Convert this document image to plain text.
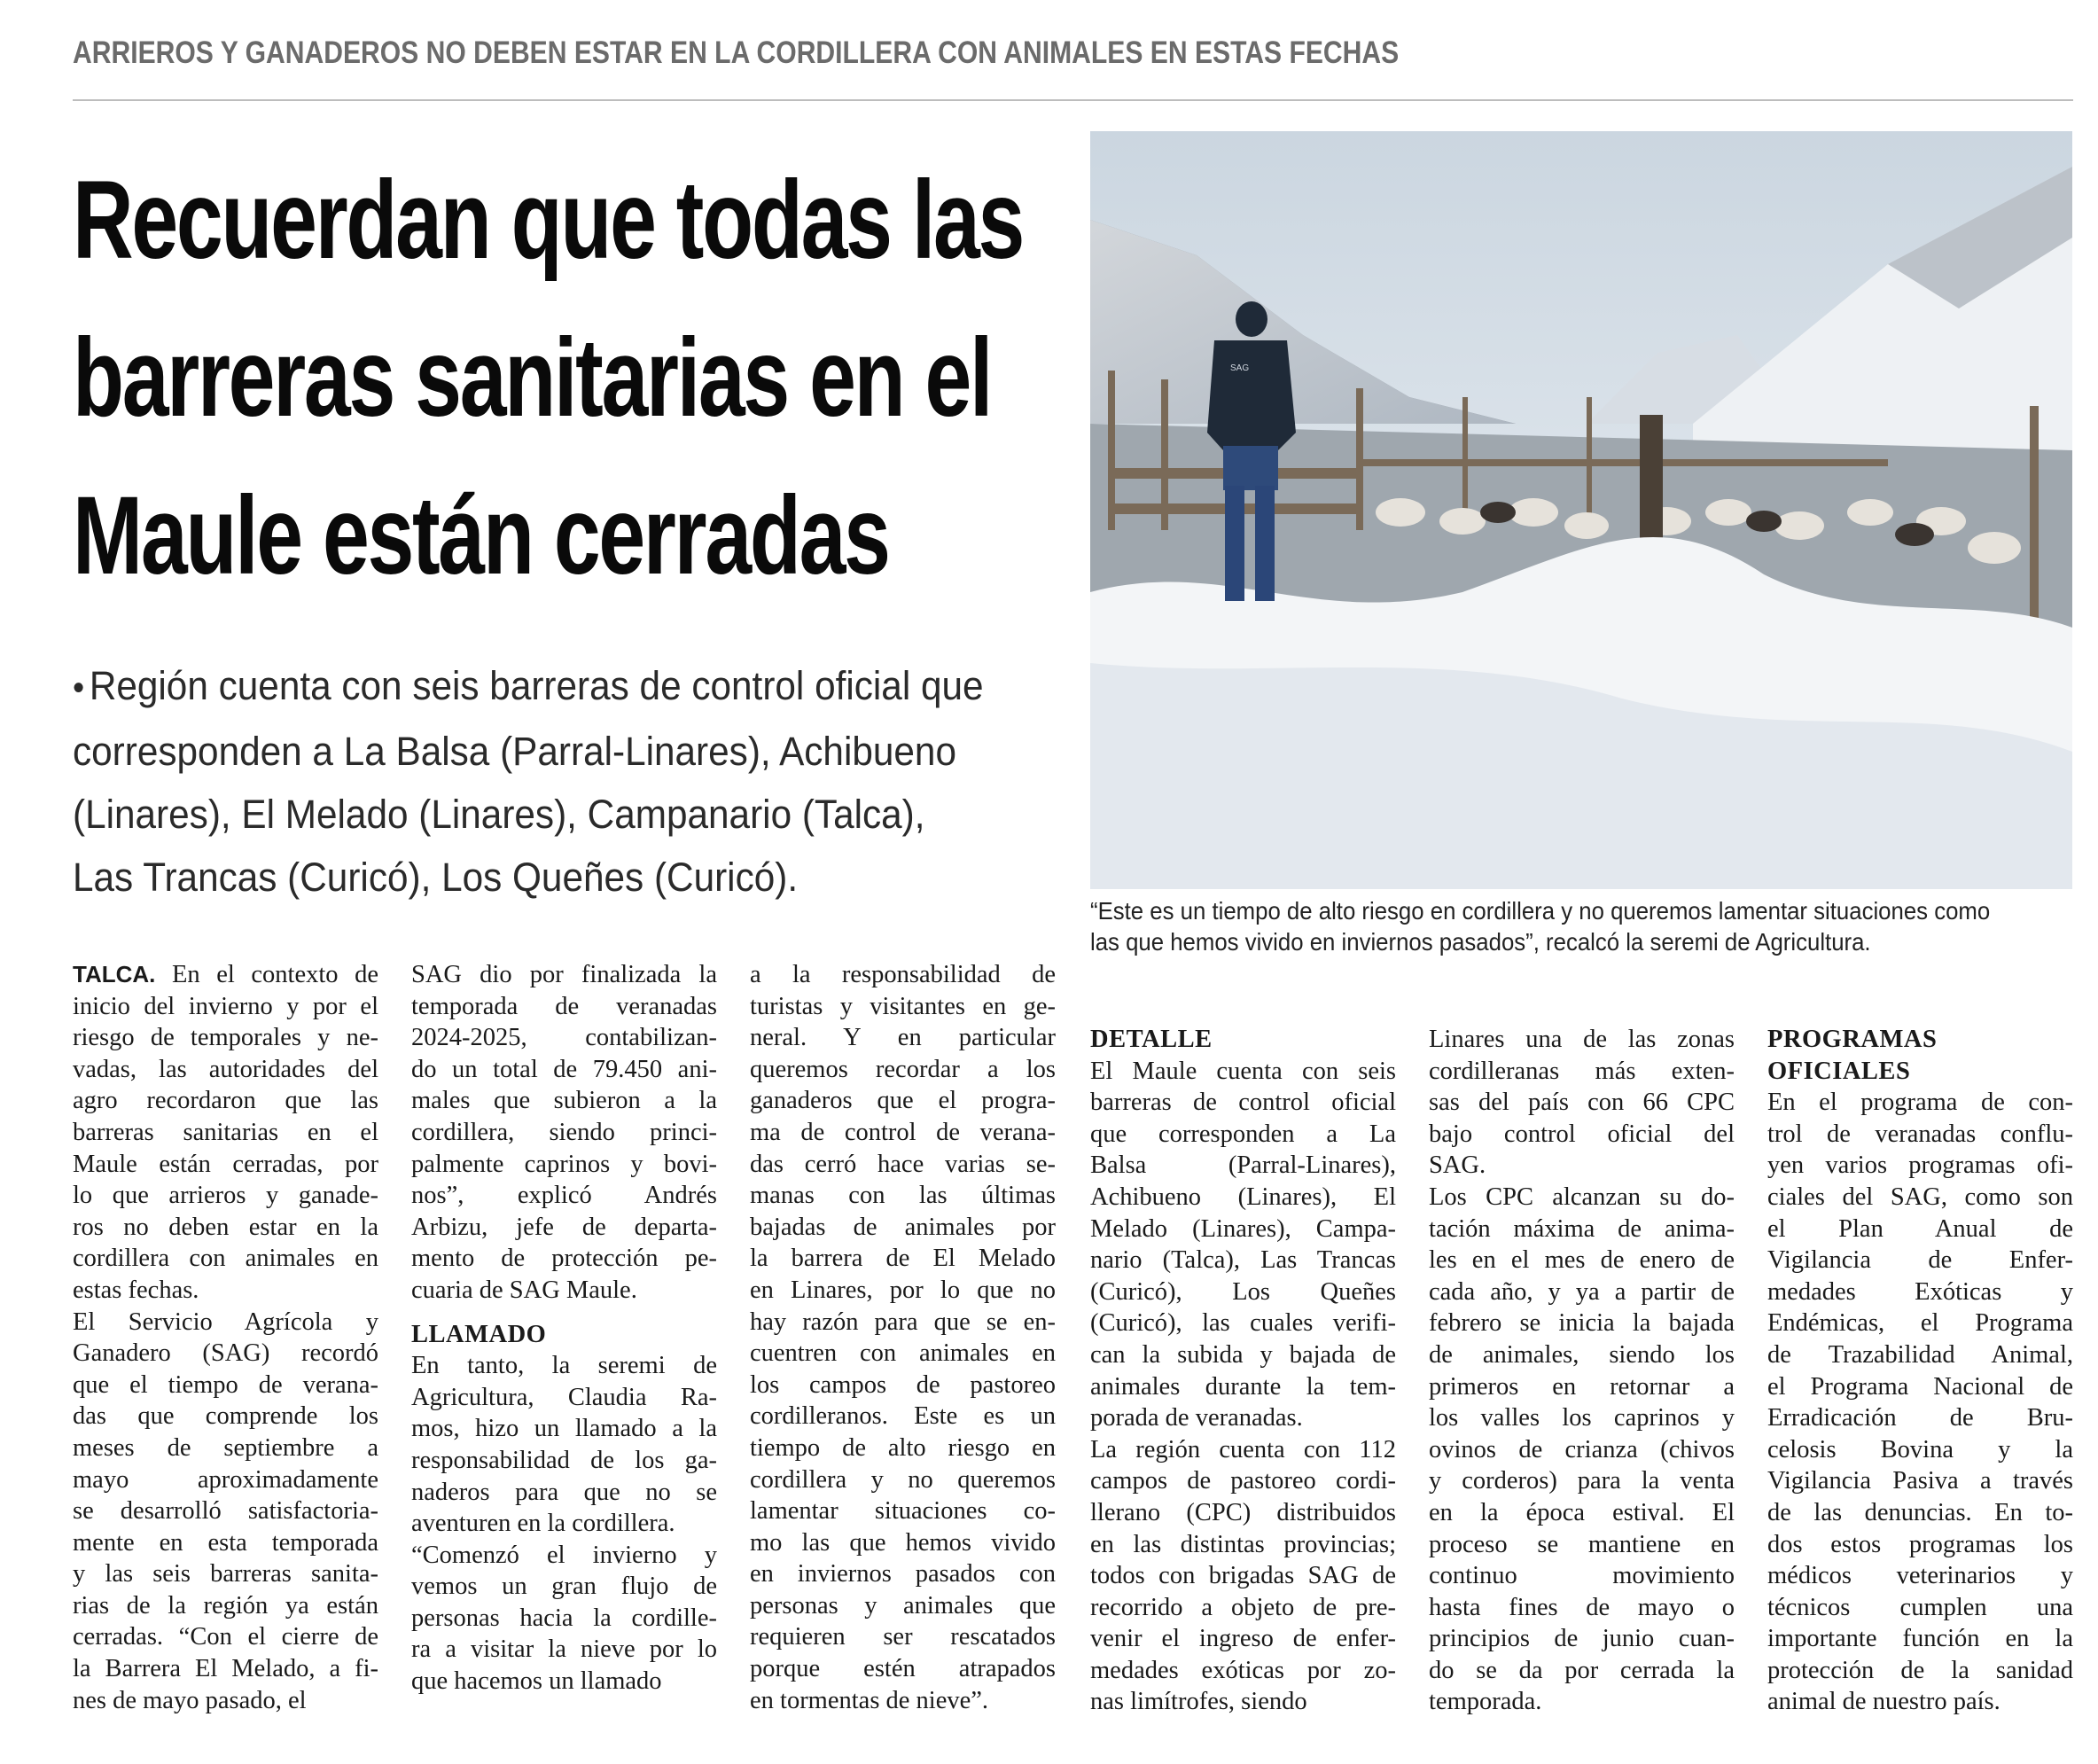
ARRIEROS Y GANADEROS NO DEBEN ESTAR EN LA CORDILLERA CON ANIMALES EN ESTAS FECHAS
Recuerdan que todas las
barreras sanitarias en el
Maule están cerradas
• Región cuenta con seis barreras de control oficial que
corresponden a La Balsa (Parral-Linares), Achibueno
(Linares), El Melado (Linares), Campanario (Talca),
Las Trancas (Curicó), Los Queñes (Curicó).
SAG
“Este es un tiempo de alto riesgo en cordillera y no queremos lamentar situaciones como
las que hemos vivido en inviernos pasados”, recalcó la seremi de Agricultura.
TALCA. En el contexto de
inicio del invierno y por el
riesgo de temporales y ne-
vadas, las autoridades del
agro recordaron que las
barreras sanitarias en el
Maule están cerradas, por
lo que arrieros y ganade-
ros no deben estar en la
cordillera con animales en
estas fechas.
El Servicio Agrícola y
Ganadero (SAG) recordó
que el tiempo de verana-
das que comprende los
meses de septiembre a
mayo aproximadamente
se desarrolló satisfactoria-
mente en esta temporada
y las seis barreras sanita-
rias de la región ya están
cerradas. “Con el cierre de
la Barrera El Melado, a fi-
nes de mayo pasado, el
SAG dio por finalizada la
temporada de veranadas
2024-2025, contabilizan-
do un total de 79.450 ani-
males que subieron a la
cordillera, siendo princi-
palmente caprinos y bovi-
nos”, explicó Andrés
Arbizu, jefe de departa-
mento de protección pe-
cuaria de SAG Maule.
LLAMADO
En tanto, la seremi de
Agricultura, Claudia Ra-
mos, hizo un llamado a la
responsabilidad de los ga-
naderos para que no se
aventuren en la cordillera.
“Comenzó el invierno y
vemos un gran flujo de
personas hacia la cordille-
ra a visitar la nieve por lo
que hacemos un llamado
a la responsabilidad de
turistas y visitantes en ge-
neral. Y en particular
queremos recordar a los
ganaderos que el progra-
ma de control de verana-
das cerró hace varias se-
manas con las últimas
bajadas de animales por
la barrera de El Melado
en Linares, por lo que no
hay razón para que se en-
cuentren con animales en
los campos de pastoreo
cordilleranos. Este es un
tiempo de alto riesgo en
cordillera y no queremos
lamentar situaciones co-
mo las que hemos vivido
en inviernos pasados con
personas y animales que
requieren ser rescatados
porque estén atrapados
en tormentas de nieve”.
DETALLE
El Maule cuenta con seis
barreras de control oficial
que corresponden a La
Balsa (Parral-Linares),
Achibueno (Linares), El
Melado (Linares), Campa-
nario (Talca), Las Trancas
(Curicó), Los Queñes
(Curicó), las cuales verifi-
can la subida y bajada de
animales durante la tem-
porada de veranadas.
La región cuenta con 112
campos de pastoreo cordi-
llerano (CPC) distribuidos
en las distintas provincias;
todos con brigadas SAG de
recorrido a objeto de pre-
venir el ingreso de enfer-
medades exóticas por zo-
nas limítrofes, siendo
Linares una de las zonas
cordilleranas más exten-
sas del país con 66 CPC
bajo control oficial del
SAG.
Los CPC alcanzan su do-
tación máxima de anima-
les en el mes de enero de
cada año, y ya a partir de
febrero se inicia la bajada
de animales, siendo los
primeros en retornar a
los valles los caprinos y
ovinos de crianza (chivos
y corderos) para la venta
en la época estival. El
proceso se mantiene en
continuo movimiento
hasta fines de mayo o
principios de junio cuan-
do se da por cerrada la
temporada.
PROGRAMAS
OFICIALES
En el programa de con-
trol de veranadas conflu-
yen varios programas ofi-
ciales del SAG, como son
el Plan Anual de
Vigilancia de Enfer-
medades Exóticas y
Endémicas, el Programa
de Trazabilidad Animal,
el Programa Nacional de
Erradicación de Bru-
celosis Bovina y la
Vigilancia Pasiva a través
de las denuncias. En to-
dos estos programas los
médicos veterinarios y
técnicos cumplen una
importante función en la
protección de la sanidad
animal de nuestro país.
